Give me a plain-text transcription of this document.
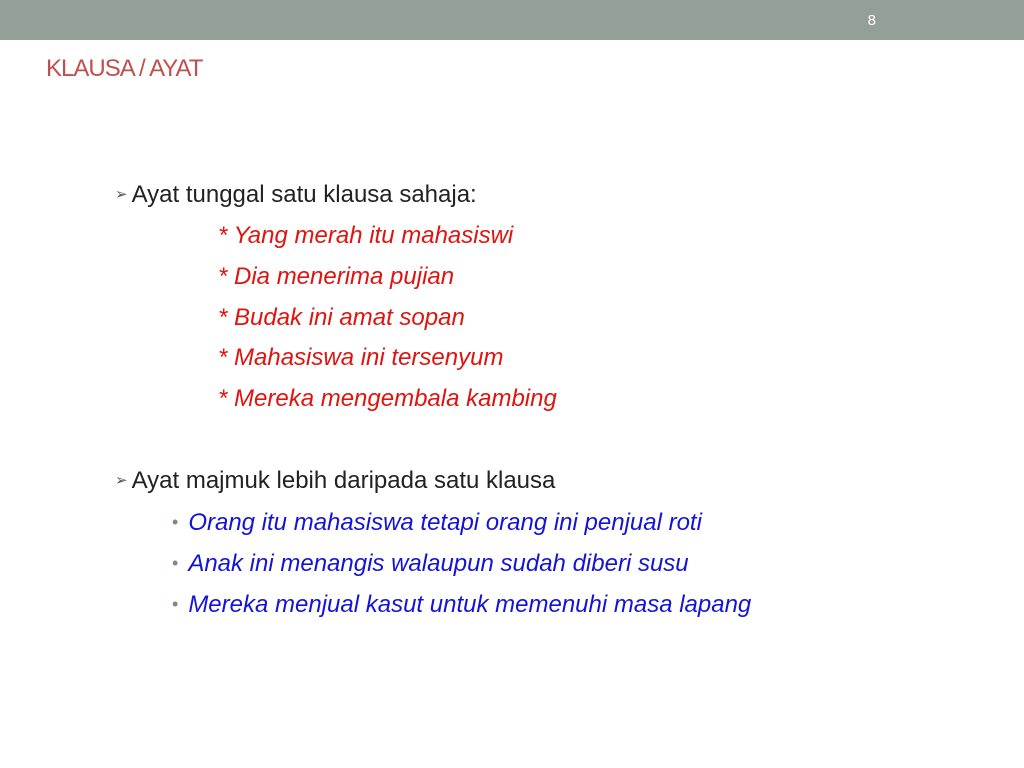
8
KLAUSA / AYAT
➢ Ayat tunggal satu klausa sahaja:
* Yang merah itu mahasiswi
* Dia menerima pujian
* Budak ini amat sopan
* Mahasiswa ini tersenyum
* Mereka mengembala kambing
➢ Ayat majmuk lebih daripada satu klausa
• Orang itu mahasiswa tetapi orang ini penjual roti
• Anak ini menangis walaupun sudah diberi susu
• Mereka menjual kasut untuk memenuhi masa lapang
